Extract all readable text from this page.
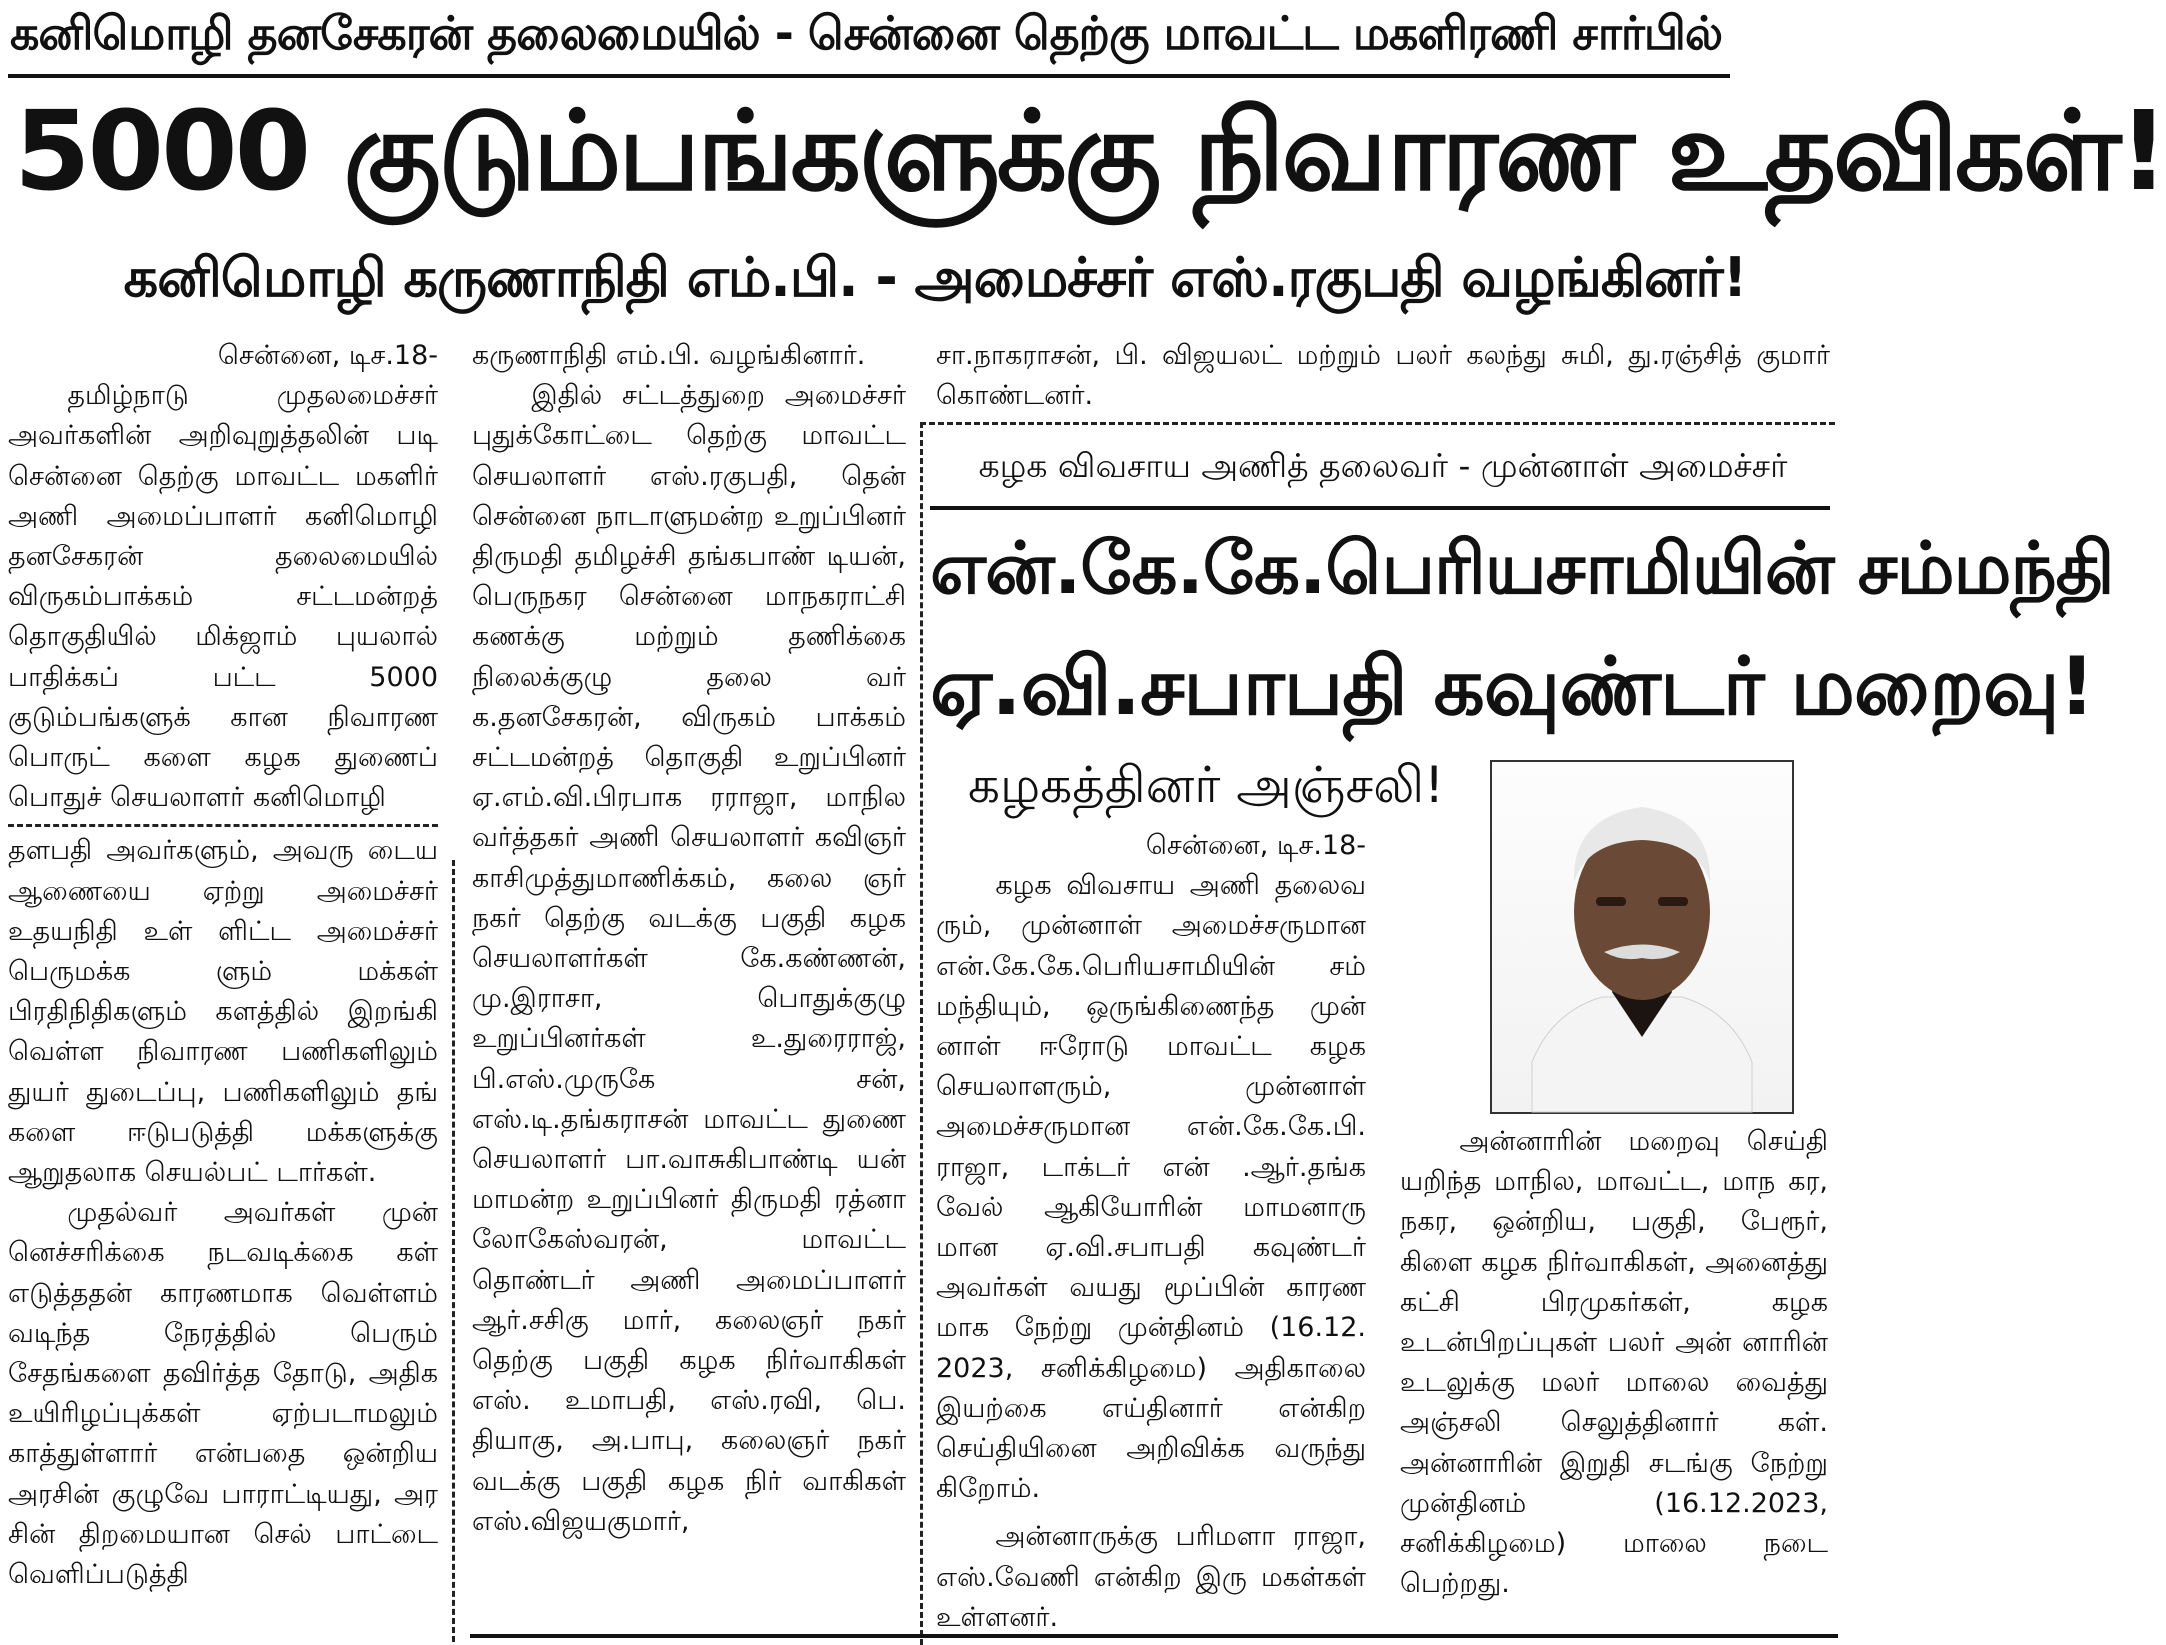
கனிமொழி தனசேகரன் தலைமையில் - சென்னை தெற்கு மாவட்ட மகளிரணி சார்பில்
5000 குடும்பங்களுக்கு நிவாரண உதவிகள்!
கனிமொழி கருணாநிதி எம்.பி. - அமைச்சர் எஸ்.ரகுபதி வழங்கினர்!

சென்னை, டிச.18-

தமிழ்நாடு முதலமைச்சர் அவர்களின் அறிவுறுத்தலின் படி சென்னை தெற்கு மாவட்ட மகளிர் அணி அமைப்பாளர் கனிமொழி தனசேகரன் தலைமையில் விருகம்பாக்கம் சட்டமன்றத் தொகுதியில் மிக்ஜாம் புயலால் பாதிக்கப் பட்ட 5000 குடும்பங்களுக் கான நிவாரண பொருட் களை கழக துணைப் பொதுச் செயலாளர் கனிமொழி

தளபதி அவர்களும், அவரு டைய ஆணையை ஏற்று அமைச்சர் உதயநிதி உள் ளிட்ட அமைச்சர் பெருமக்க ளும் மக்கள் பிரதிநிதிகளும் களத்தில் இறங்கி வெள்ள நிவாரண பணிகளிலும் துயர் துடைப்பு, பணிகளிலும் தங் களை ஈடுபடுத்தி மக்களுக்கு ஆறுதலாக செயல்பட் டார்கள்.

முதல்வர் அவர்கள் முன் னெச்சரிக்கை நடவடிக்கை கள் எடுத்ததன் காரணமாக வெள்ளம் வடிந்த நேரத்தில் பெரும் சேதங்களை தவிர்த்த தோடு, அதிக உயிரிழப்புக்கள் ஏற்படாமலும் காத்துள்ளார் என்பதை ஒன்றிய அரசின் குழுவே பாராட்டியது, அர சின் திறமையான செல் பாட்டை வெளிப்படுத்தி

கருணாநிதி எம்.பி. வழங்கினார்.

இதில் சட்டத்துறை அமைச்சர் புதுக்கோட்டை தெற்கு மாவட்ட செயலாளர் எஸ்.ரகுபதி, தென் சென்னை நாடாளுமன்ற உறுப்பினர் திருமதி தமிழச்சி தங்கபாண் டியன், பெருநகர சென்னை மாநகராட்சி கணக்கு மற்றும் தணிக்கை நிலைக்குழு தலை வர் க.தனசேகரன், விருகம் பாக்கம் சட்டமன்றத் தொகுதி உறுப்பினர் ஏ.எம்.வி.பிரபாக ரராஜா, மாநில வர்த்தகர் அணி செயலாளர் கவிஞர் காசிமுத்துமாணிக்கம், கலை ஞர் நகர் தெற்கு வடக்கு பகுதி கழக செயலாளர்கள் கே.கண்ணன், மு.இராசா, பொதுக்குழு உறுப்பினர்கள் உ.துரைராஜ், பி.எஸ்.முருகே சன், எஸ்.டி.தங்கராசன் மாவட்ட துணை செயலாளர் பா.வாசுகிபாண்டி யன் மாமன்ற உறுப்பினர் திருமதி ரத்னா லோகேஸ்வரன், மாவட்ட தொண்டர் அணி அமைப்பாளர் ஆர்.சசிகு மார், கலைஞர் நகர் தெற்கு பகுதி கழக நிர்வாகிகள் எஸ். உமாபதி, எஸ்.ரவி, பெ. தியாகு, அ.பாபு, கலைஞர் நகர் வடக்கு பகுதி கழக நிர் வாகிகள் எஸ்.விஜயகுமார்,

சா.நாகராசன், பி. விஜயலட் மற்றும் பலர் கலந்து சுமி, து.ரஞ்சித் குமார் கொண்டனர்.

கழக விவசாய அணித் தலைவர் - முன்னாள் அமைச்சர்
என்.கே.கே.பெரியசாமியின் சம்மந்தி
ஏ.வி.சபாபதி கவுண்டர் மறைவு!
கழகத்தினர் அஞ்சலி!

சென்னை, டிச.18-

கழக விவசாய அணி தலைவ ரும், முன்னாள் அமைச்சருமான என்.கே.கே.பெரியசாமியின் சம் மந்தியும், ஒருங்கிணைந்த முன் னாள் ஈரோடு மாவட்ட கழக செயலாளரும், முன்னாள் அமைச்சருமான என்.கே.கே.பி. ராஜா, டாக்டர் என் .ஆர்.தங்க வேல் ஆகியோரின் மாமனாரு மான ஏ.வி.சபாபதி கவுண்டர் அவர்கள் வயது மூப்பின் காரண மாக நேற்று முன்தினம் (16.12. 2023, சனிக்கிழமை) அதிகாலை இயற்கை எய்தினார் என்கிற செய்தியினை அறிவிக்க வருந்து கிறோம்.

அன்னாருக்கு பரிமளா ராஜா, எஸ்.வேணி என்கிற இரு மகள்கள் உள்ளனர்.

அன்னாரின் மறைவு செய்தி யறிந்த மாநில, மாவட்ட, மாந கர, நகர, ஒன்றிய, பகுதி, பேரூர், கிளை கழக நிர்வாகிகள், அனைத்து கட்சி பிரமுகர்கள், கழக உடன்பிறப்புகள் பலர் அன் னாரின் உடலுக்கு மலர் மாலை வைத்து அஞ்சலி செலுத்தினார் கள். அன்னாரின் இறுதி சடங்கு நேற்று முன்தினம் (16.12.2023, சனிக்கிழமை) மாலை நடை பெற்றது.
